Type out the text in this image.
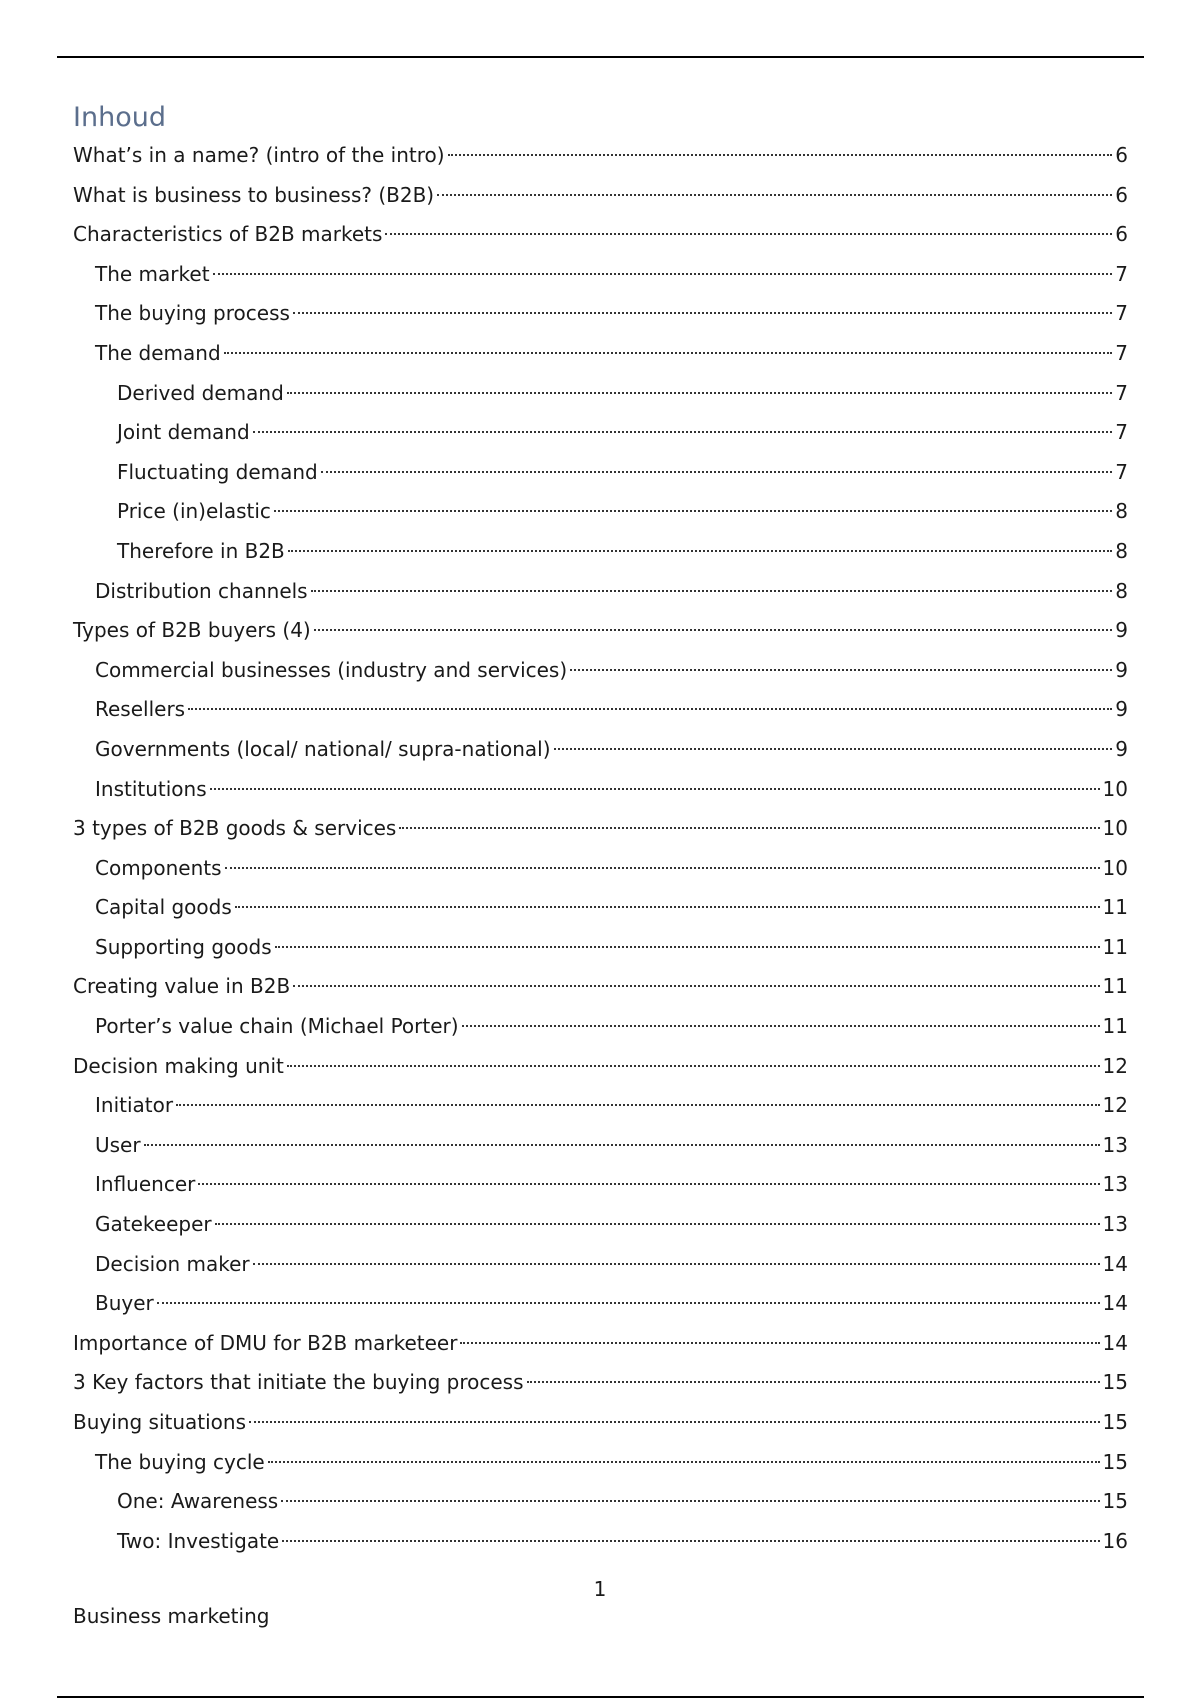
Inhoud
What’s in a name? (intro of the intro)	6
What is business to business? (B2B)	6
Characteristics of B2B markets	6
The market	7
The buying process	7
The demand	7
Derived demand	7
Joint demand	7
Fluctuating demand	7
Price (in)elastic	8
Therefore in B2B	8
Distribution channels	8
Types of B2B buyers (4)	9
Commercial businesses (industry and services)	9
Resellers	9
Governments (local/ national/ supra-national)	9
Institutions	10
3 types of B2B goods & services	10
Components	10
Capital goods	11
Supporting goods	11
Creating value in B2B	11
Porter’s value chain (Michael Porter)	11
Decision making unit	12
Initiator	12
User	13
Influencer	13
Gatekeeper	13
Decision maker	14
Buyer	14
Importance of DMU for B2B marketeer	14
3 Key factors that initiate the buying process	15
Buying situations	15
The buying cycle	15
One: Awareness	15
Two: Investigate	16
1
Business marketing
